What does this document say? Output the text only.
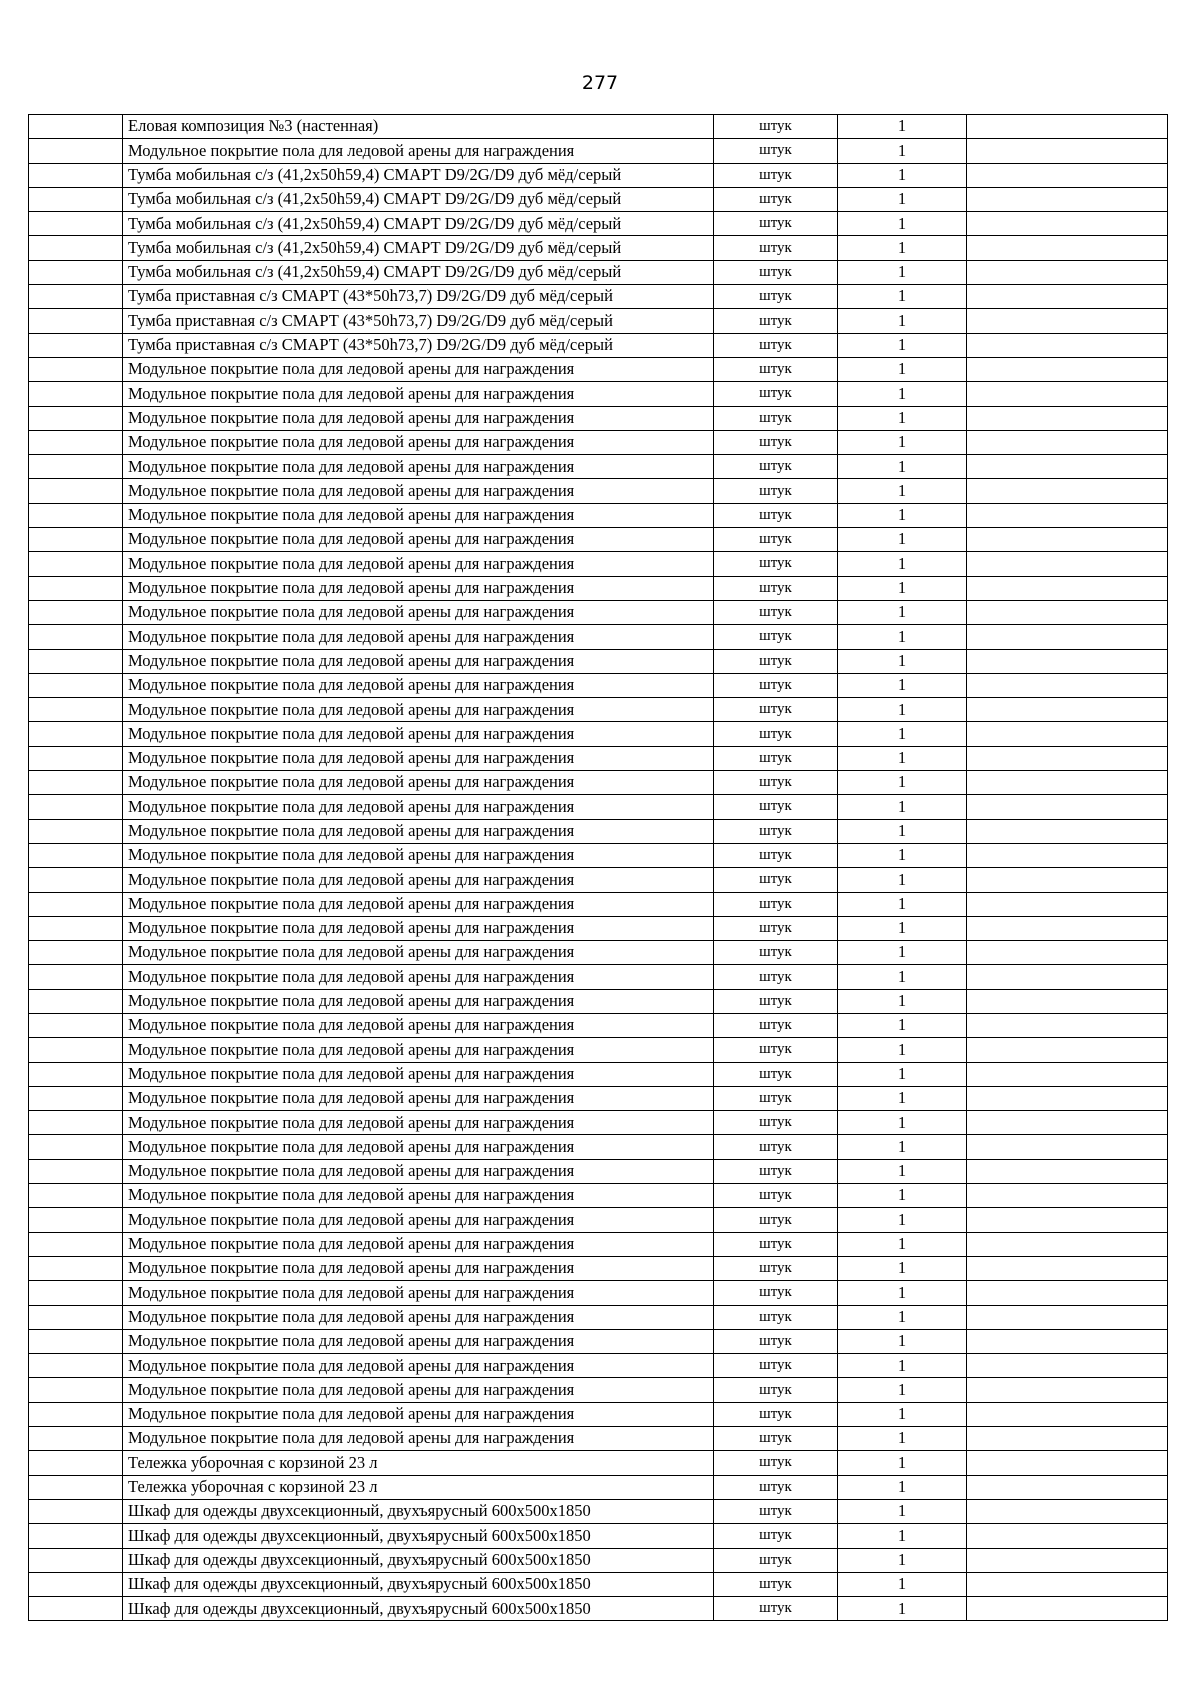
277
	Еловая композиция №3 (настенная)	штук	1	
	Модульное покрытие пола для ледовой арены для награждения	штук	1	
	Тумба мобильная с/з (41,2х50h59,4) СМАРТ D9/2G/D9 дуб мёд/серый	штук	1	
	Тумба мобильная с/з (41,2х50h59,4) СМАРТ D9/2G/D9 дуб мёд/серый	штук	1	
	Тумба мобильная с/з (41,2х50h59,4) СМАРТ D9/2G/D9 дуб мёд/серый	штук	1	
	Тумба мобильная с/з (41,2х50h59,4) СМАРТ D9/2G/D9 дуб мёд/серый	штук	1	
	Тумба мобильная с/з (41,2х50h59,4) СМАРТ D9/2G/D9 дуб мёд/серый	штук	1	
	Тумба приставная с/з СМАРТ (43*50h73,7) D9/2G/D9 дуб мёд/серый	штук	1	
	Тумба приставная с/з СМАРТ (43*50h73,7) D9/2G/D9 дуб мёд/серый	штук	1	
	Тумба приставная с/з СМАРТ (43*50h73,7) D9/2G/D9 дуб мёд/серый	штук	1	
	Модульное покрытие пола для ледовой арены для награждения	штук	1	
	Модульное покрытие пола для ледовой арены для награждения	штук	1	
	Модульное покрытие пола для ледовой арены для награждения	штук	1	
	Модульное покрытие пола для ледовой арены для награждения	штук	1	
	Модульное покрытие пола для ледовой арены для награждения	штук	1	
	Модульное покрытие пола для ледовой арены для награждения	штук	1	
	Модульное покрытие пола для ледовой арены для награждения	штук	1	
	Модульное покрытие пола для ледовой арены для награждения	штук	1	
	Модульное покрытие пола для ледовой арены для награждения	штук	1	
	Модульное покрытие пола для ледовой арены для награждения	штук	1	
	Модульное покрытие пола для ледовой арены для награждения	штук	1	
	Модульное покрытие пола для ледовой арены для награждения	штук	1	
	Модульное покрытие пола для ледовой арены для награждения	штук	1	
	Модульное покрытие пола для ледовой арены для награждения	штук	1	
	Модульное покрытие пола для ледовой арены для награждения	штук	1	
	Модульное покрытие пола для ледовой арены для награждения	штук	1	
	Модульное покрытие пола для ледовой арены для награждения	штук	1	
	Модульное покрытие пола для ледовой арены для награждения	штук	1	
	Модульное покрытие пола для ледовой арены для награждения	штук	1	
	Модульное покрытие пола для ледовой арены для награждения	штук	1	
	Модульное покрытие пола для ледовой арены для награждения	штук	1	
	Модульное покрытие пола для ледовой арены для награждения	штук	1	
	Модульное покрытие пола для ледовой арены для награждения	штук	1	
	Модульное покрытие пола для ледовой арены для награждения	штук	1	
	Модульное покрытие пола для ледовой арены для награждения	штук	1	
	Модульное покрытие пола для ледовой арены для награждения	штук	1	
	Модульное покрытие пола для ледовой арены для награждения	штук	1	
	Модульное покрытие пола для ледовой арены для награждения	штук	1	
	Модульное покрытие пола для ледовой арены для награждения	штук	1	
	Модульное покрытие пола для ледовой арены для награждения	штук	1	
	Модульное покрытие пола для ледовой арены для награждения	штук	1	
	Модульное покрытие пола для ледовой арены для награждения	штук	1	
	Модульное покрытие пола для ледовой арены для награждения	штук	1	
	Модульное покрытие пола для ледовой арены для награждения	штук	1	
	Модульное покрытие пола для ледовой арены для награждения	штук	1	
	Модульное покрытие пола для ледовой арены для награждения	штук	1	
	Модульное покрытие пола для ледовой арены для награждения	штук	1	
	Модульное покрытие пола для ледовой арены для награждения	штук	1	
	Модульное покрытие пола для ледовой арены для награждения	штук	1	
	Модульное покрытие пола для ледовой арены для награждения	штук	1	
	Модульное покрытие пола для ледовой арены для награждения	штук	1	
	Модульное покрытие пола для ледовой арены для награждения	штук	1	
	Модульное покрытие пола для ледовой арены для награждения	штук	1	
	Модульное покрытие пола для ледовой арены для награждения	штук	1	
	Модульное покрытие пола для ледовой арены для награждения	штук	1	
	Тележка уборочная с корзиной 23 л	штук	1	
	Тележка уборочная с корзиной 23 л	штук	1	
	Шкаф для одежды двухсекционный, двухъярусный 600х500х1850	штук	1	
	Шкаф для одежды двухсекционный, двухъярусный 600х500х1850	штук	1	
	Шкаф для одежды двухсекционный, двухъярусный 600х500х1850	штук	1	
	Шкаф для одежды двухсекционный, двухъярусный 600х500х1850	штук	1	
	Шкаф для одежды двухсекционный, двухъярусный 600х500х1850	штук	1	
